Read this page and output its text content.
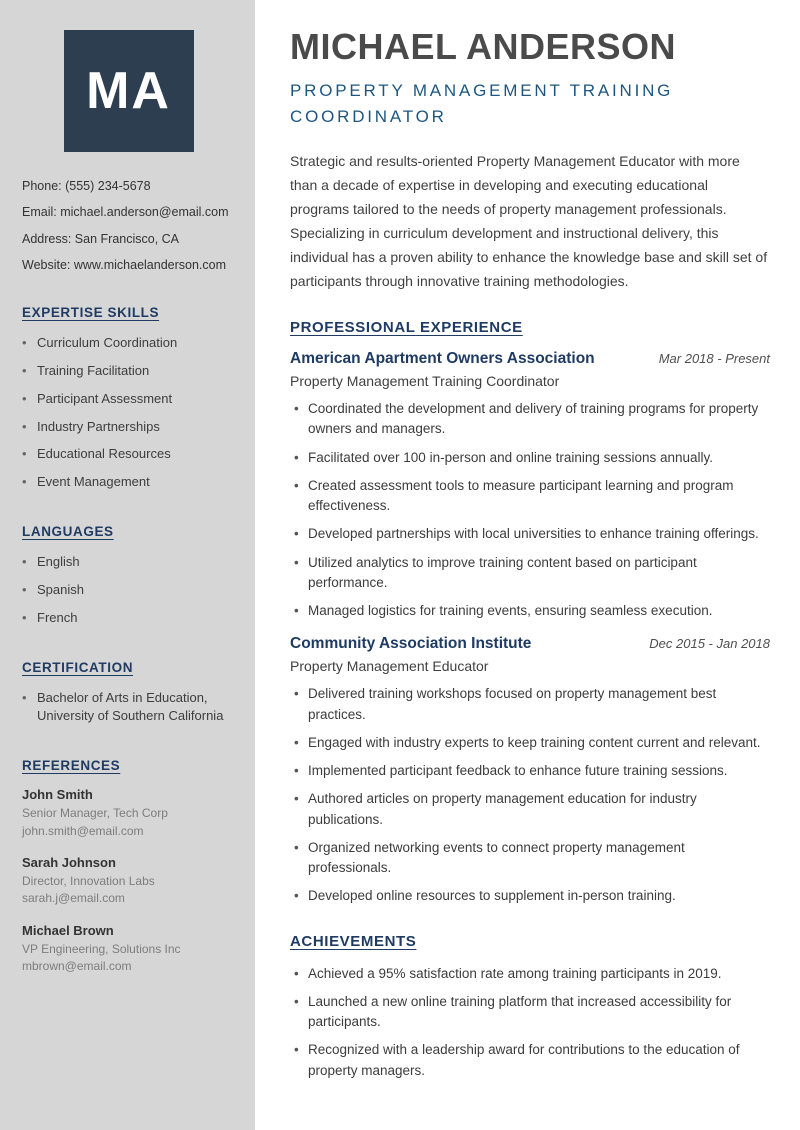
MA

Phone: (555) 234-5678

Email: michael.anderson@email.com

Address: San Francisco, CA

Website: www.michaelanderson.com

EXPERTISE SKILLS
• Curriculum Coordination
• Training Facilitation
• Participant Assessment
• Industry Partnerships
• Educational Resources
• Event Management
LANGUAGES
• English
• Spanish
• French
CERTIFICATION
• Bachelor of Arts in Education, University of Southern California
REFERENCES
John Smith
Senior Manager, Tech Corp
john.smith@email.com
Sarah Johnson
Director, Innovation Labs
sarah.j@email.com
Michael Brown
VP Engineering, Solutions Inc
mbrown@email.com
MICHAEL ANDERSON
PROPERTY MANAGEMENT TRAINING COORDINATOR

Strategic and results-oriented Property Management Educator with more than a decade of expertise in developing and executing educational programs tailored to the needs of property management professionals. Specializing in curriculum development and instructional delivery, this individual has a proven ability to enhance the knowledge base and skill set of participants through innovative training methodologies.

PROFESSIONAL EXPERIENCE
American Apartment Owners Association	Mar 2018 - Present
Property Management Training Coordinator
• Coordinated the development and delivery of training programs for property owners and managers.
• Facilitated over 100 in-person and online training sessions annually.
• Created assessment tools to measure participant learning and program effectiveness.
• Developed partnerships with local universities to enhance training offerings.
• Utilized analytics to improve training content based on participant performance.
• Managed logistics for training events, ensuring seamless execution.
Community Association Institute	Dec 2015 - Jan 2018
Property Management Educator
• Delivered training workshops focused on property management best practices.
• Engaged with industry experts to keep training content current and relevant.
• Implemented participant feedback to enhance future training sessions.
• Authored articles on property management education for industry publications.
• Organized networking events to connect property management professionals.
• Developed online resources to supplement in-person training.
ACHIEVEMENTS
• Achieved a 95% satisfaction rate among training participants in 2019.
• Launched a new online training platform that increased accessibility for participants.
• Recognized with a leadership award for contributions to the education of property managers.
